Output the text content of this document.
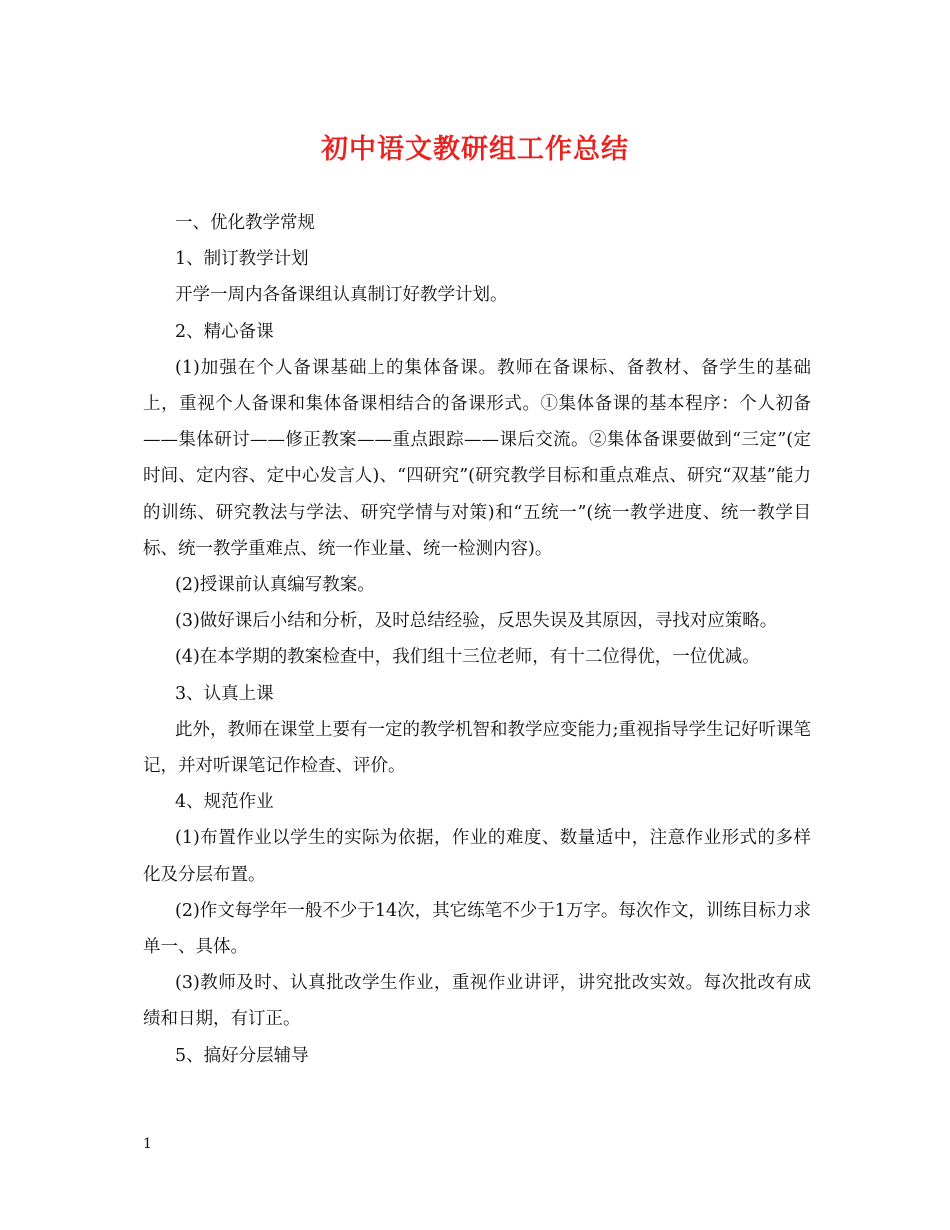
初中语文教研组工作总结

一、优化教学常规

1、制订教学计划

开学一周内各备课组认真制订好教学计划。

2、精心备课

(1)加强在个人备课基础上的集体备课。教师在备课标、备教材、备学生的基础上，重视个人备课和集体备课相结合的备课形式。①集体备课的基本程序：个人初备——集体研讨——修正教案——重点跟踪——课后交流。②集体备课要做到“三定”(定时间、定内容、定中心发言人)、“四研究”(研究教学目标和重点难点、研究“双基”能力的训练、研究教法与学法、研究学情与对策)和“五统一”(统一教学进度、统一教学目标、统一教学重难点、统一作业量、统一检测内容)。

(2)授课前认真编写教案。

(3)做好课后小结和分析，及时总结经验，反思失误及其原因，寻找对应策略。

(4)在本学期的教案检查中，我们组十三位老师，有十二位得优，一位优减。

3、认真上课

此外，教师在课堂上要有一定的教学机智和教学应变能力;重视指导学生记好听课笔记，并对听课笔记作检查、评价。

4、规范作业

(1)布置作业以学生的实际为依据，作业的难度、数量适中，注意作业形式的多样化及分层布置。

(2)作文每学年一般不少于14次，其它练笔不少于1万字。每次作文，训练目标力求单一、具体。

(3)教师及时、认真批改学生作业，重视作业讲评，讲究批改实效。每次批改有成绩和日期，有订正。

5、搞好分层辅导

1
